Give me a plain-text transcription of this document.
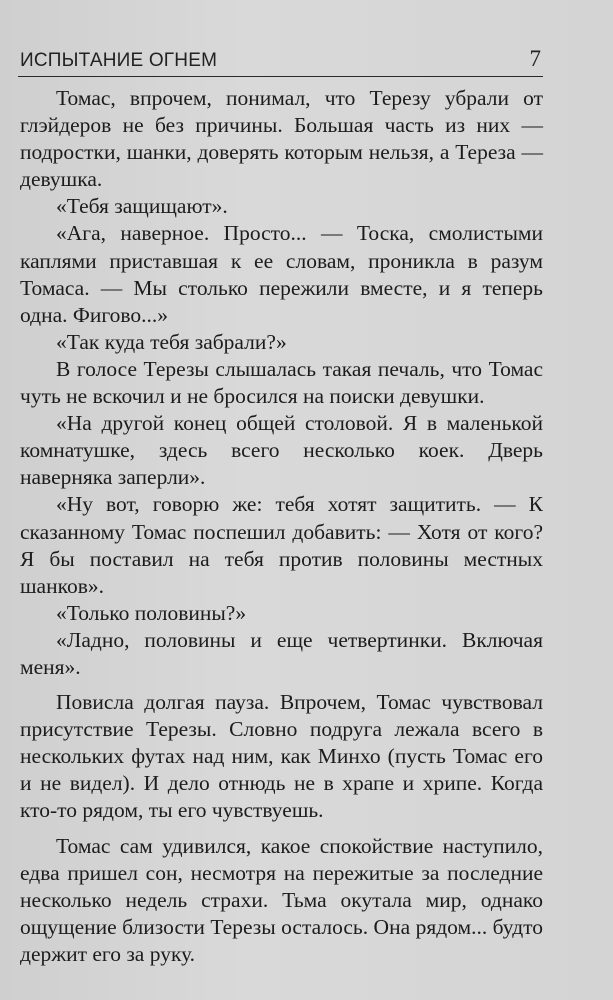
ИСПЫТАНИЕ ОГНЕМ	7

Томас, впрочем, понимал, что Терезу убрали от глэйдеров не без причины. Большая часть из них — подростки, шанки, доверять которым нельзя, а Тереза — девушка.

«Тебя защищают».

«Ага, наверное. Просто... — Тоска, смолистыми каплями приставшая к ее словам, проникла в разум Томаса. — Мы столько пережили вместе, и я теперь одна. Фигово...»

«Так куда тебя забрали?»

В голосе Терезы слышалась такая печаль, что Томас чуть не вскочил и не бросился на поиски девушки.

«На другой конец общей столовой. Я в маленькой комнатушке, здесь всего несколько коек. Дверь наверняка заперли».

«Ну вот, говорю же: тебя хотят защитить. — К сказанному Томас поспешил добавить: — Хотя от кого? Я бы поставил на тебя против половины местных шанков».

«Только половины?»

«Ладно, половины и еще четвертинки. Включая меня».

Повисла долгая пауза. Впрочем, Томас чувствовал присутствие Терезы. Словно подруга лежала всего в нескольких футах над ним, как Минхо (пусть Томас его и не видел). И дело отнюдь не в храпе и хрипе. Когда кто-то рядом, ты его чувствуешь.

Томас сам удивился, какое спокойствие наступило, едва пришел сон, несмотря на пережитые за последние несколько недель страхи. Тьма окутала мир, однако ощущение близости Терезы осталось. Она рядом... будто держит его за руку.
